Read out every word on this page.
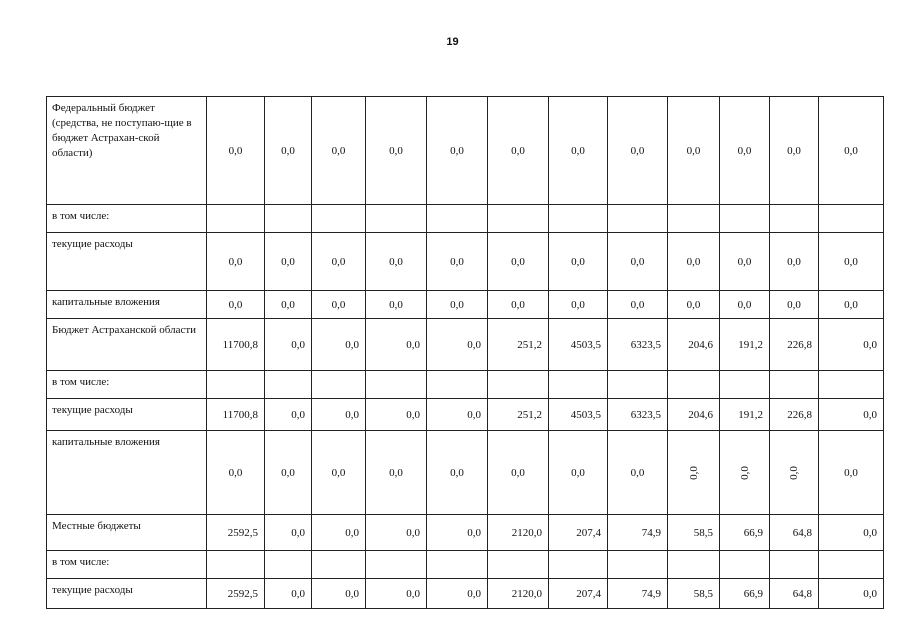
19
Федеральный бюджет (средства, не поступаю-щие в бюджет Астрахан-ской области)	0,0	0,0	0,0	0,0	0,0	0,0	0,0	0,0	0,0	0,0	0,0	0,0
в том числе:												
текущие расходы	0,0	0,0	0,0	0,0	0,0	0,0	0,0	0,0	0,0	0,0	0,0	0,0
капитальные вложения	0,0	0,0	0,0	0,0	0,0	0,0	0,0	0,0	0,0	0,0	0,0	0,0
Бюджет Астраханской области	11700,8	0,0	0,0	0,0	0,0	251,2	4503,5	6323,5	204,6	191,2	226,8	0,0
в том числе:												
текущие расходы	11700,8	0,0	0,0	0,0	0,0	251,2	4503,5	6323,5	204,6	191,2	226,8	0,0
капитальные вложения	0,0	0,0	0,0	0,0	0,0	0,0	0,0	0,0	0,0	0,0	0,0	0,0
Местные бюджеты	2592,5	0,0	0,0	0,0	0,0	2120,0	207,4	74,9	58,5	66,9	64,8	0,0
в том числе:												
текущие расходы	2592,5	0,0	0,0	0,0	0,0	2120,0	207,4	74,9	58,5	66,9	64,8	0,0
